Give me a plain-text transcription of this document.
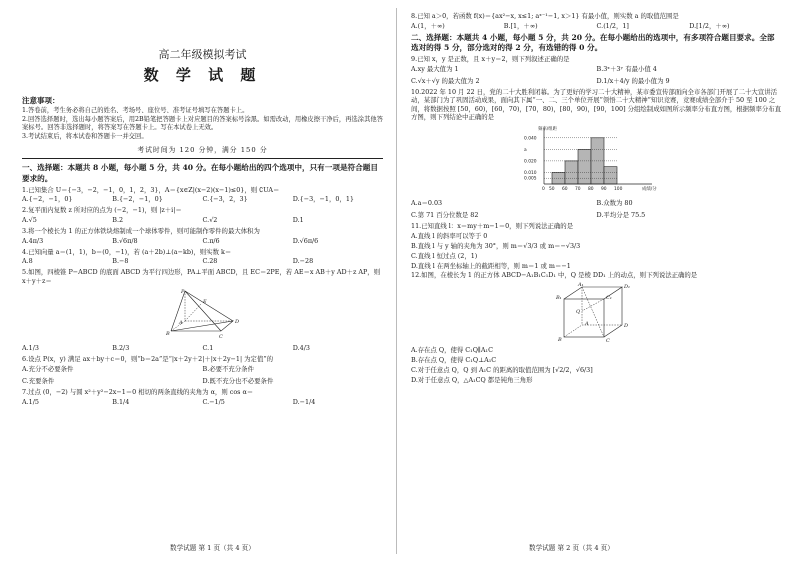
高二年级模拟考试
数 学 试 题
注意事项：

1.答卷前，考生务必将自己的姓名、考场号、座位号、准考证号填写在答题卡上。

2.回答选择题时，选出每小题答案后，用2B铅笔把答题卡上对应题目的答案标号涂黑。如需改动，用橡皮擦干净后，再选涂其他答案标号。回答非选择题时，将答案写在答题卡上。写在本试卷上无效。

3.考试结束后，将本试卷和答题卡一并交回。

考试时间为 120 分钟，满分 150 分

一、选择题：本题共 8 小题，每小题 5 分，共 40 分。在每小题给出的四个选项中，只有一项是符合题目要求的。

1.已知集合 U＝{−3，−2，−1，0，1，2，3}，A＝{x∈Z|(x−2)(x−1)≤0}，则 ∁UA＝

A.{−2，−1，0}	B.{−2，−1，0}	C.{−3，2，3}	D.{−3，−1，0，1}

2.复平面内复数 z 所对应的点为 (−2，−1)，则 |z＋i|＝

A.√5	B.2	C.√2	D.1

3.将一个棱长为 1 的正方体铁块熔制成一个球体零件，则可能制作零件的最大体积为

A.4π/3	B.√6π/8	C.π/6	D.√6π/6

4.已知向量 a＝(1，1)，b＝(0，−1)，若 (a＋2b)⊥(a−kb)，则实数 k＝

A.8	B.−8	C.28	D.−28

5.如图，四棱锥 P−ABCD 的底面 ABCD 为平行四边形，PA⊥平面 ABCD，且 EC＝2PE，若 AE＝x AB＋y AD＋z AP，则 x＋y＋z＝

P
B	C
D
A
E
A.1/3	B.2/3	C.1	D.4/3

6.设点 P(x，y) 满足 ax＋by＋c＝0，则“b＝2a”是“|x＋2y＋2|＋|x＋2y−1| 为定值”的

A.充分不必要条件	B.必要不充分条件
C.充要条件	D.既不充分也不必要条件

7.过点 (0，−2) 与圆 x²＋y²−2x−1＝0 相切的两条直线的夹角为 α，则 cos α＝

A.1/5	B.1/4	C.−1/5	D.−1/4
数学试题 第 1 页（共 4 页）

8.已知 a＞0，若函数 f(x)＝{ax²−x, x≤1; aˣ⁻¹−1, x＞1} 有最小值，则实数 a 的取值范围是

A.(1，＋∞)	B.[1，＋∞)	C.(1/2，1]	D.[1/2，＋∞)

二、选择题：本题共 4 小题，每小题 5 分，共 20 分。在每小题给出的选项中，有多项符合题目要求。全部选对的得 5 分，部分选对的得 2 分，有选错的得 0 分。

9.已知 x，y 是正数，且 x＋y＝2，则下列叙述正确的是

A.xy 最大值为 1	B.3ˣ＋3ʸ 有最小值 4
C.√x＋√y 的最大值为 2	D.1/x＋4/y 的最小值为 9

10.2022 年 10 月 22 日，党的二十大胜利闭幕。为了更好的学习二十大精神，某市委宣传部面向全市各部门开展了二十大宣讲活动，某部门为了巩固活动成果，面向其下属“一、二、三个单位开展”领悟二十大精神”知识竞赛，竞赛成绩全部介于 50 至 100 之间，将数据按照 [50，60)，[60，70)，[70，80)，[80，90)，[90，100] 分组绘制成如图所示频率分布直方图，根据频率分布直方图，则下列结论中正确的是

频率/组距
成绩/分
0.040
a
0.020
0.010
0.005
0 50 60 70 80 90 100
A.a＝0.03	B.众数为 80
C.第 71 百分位数是 82	D.平均分是 75.5

11.已知直线 l：x＝my＋m−1＝0，则下列说法正确的是

A.直线 l 的斜率可以等于 0

B.直线 l 与 y 轴的夹角为 30°，则 m＝√3/3 或 m＝−√3/3

C.直线 l 恒过点 (2，1)

D.直线 l 在两坐标轴上的截距相等，则 m＝1 或 m＝−1

12.如图，在棱长为 1 的正方体 ABCD−A₁B₁C₁D₁ 中，Q 是棱 DD₁ 上的动点，则下列说法正确的是

A₁	D₁
B₁	C₁
Q
A	D
B	C

A.存在点 Q，使得 C₁Q∥A₁C

B.存在点 Q，使得 C₁Q⊥A₁C

C.对于任意点 Q，Q 到 A₁C 的距离的取值范围为 [√2/2，√6/3]

D.对于任意点 Q，△A₁CQ 都是钝角三角形

数学试题 第 2 页（共 4 页）
